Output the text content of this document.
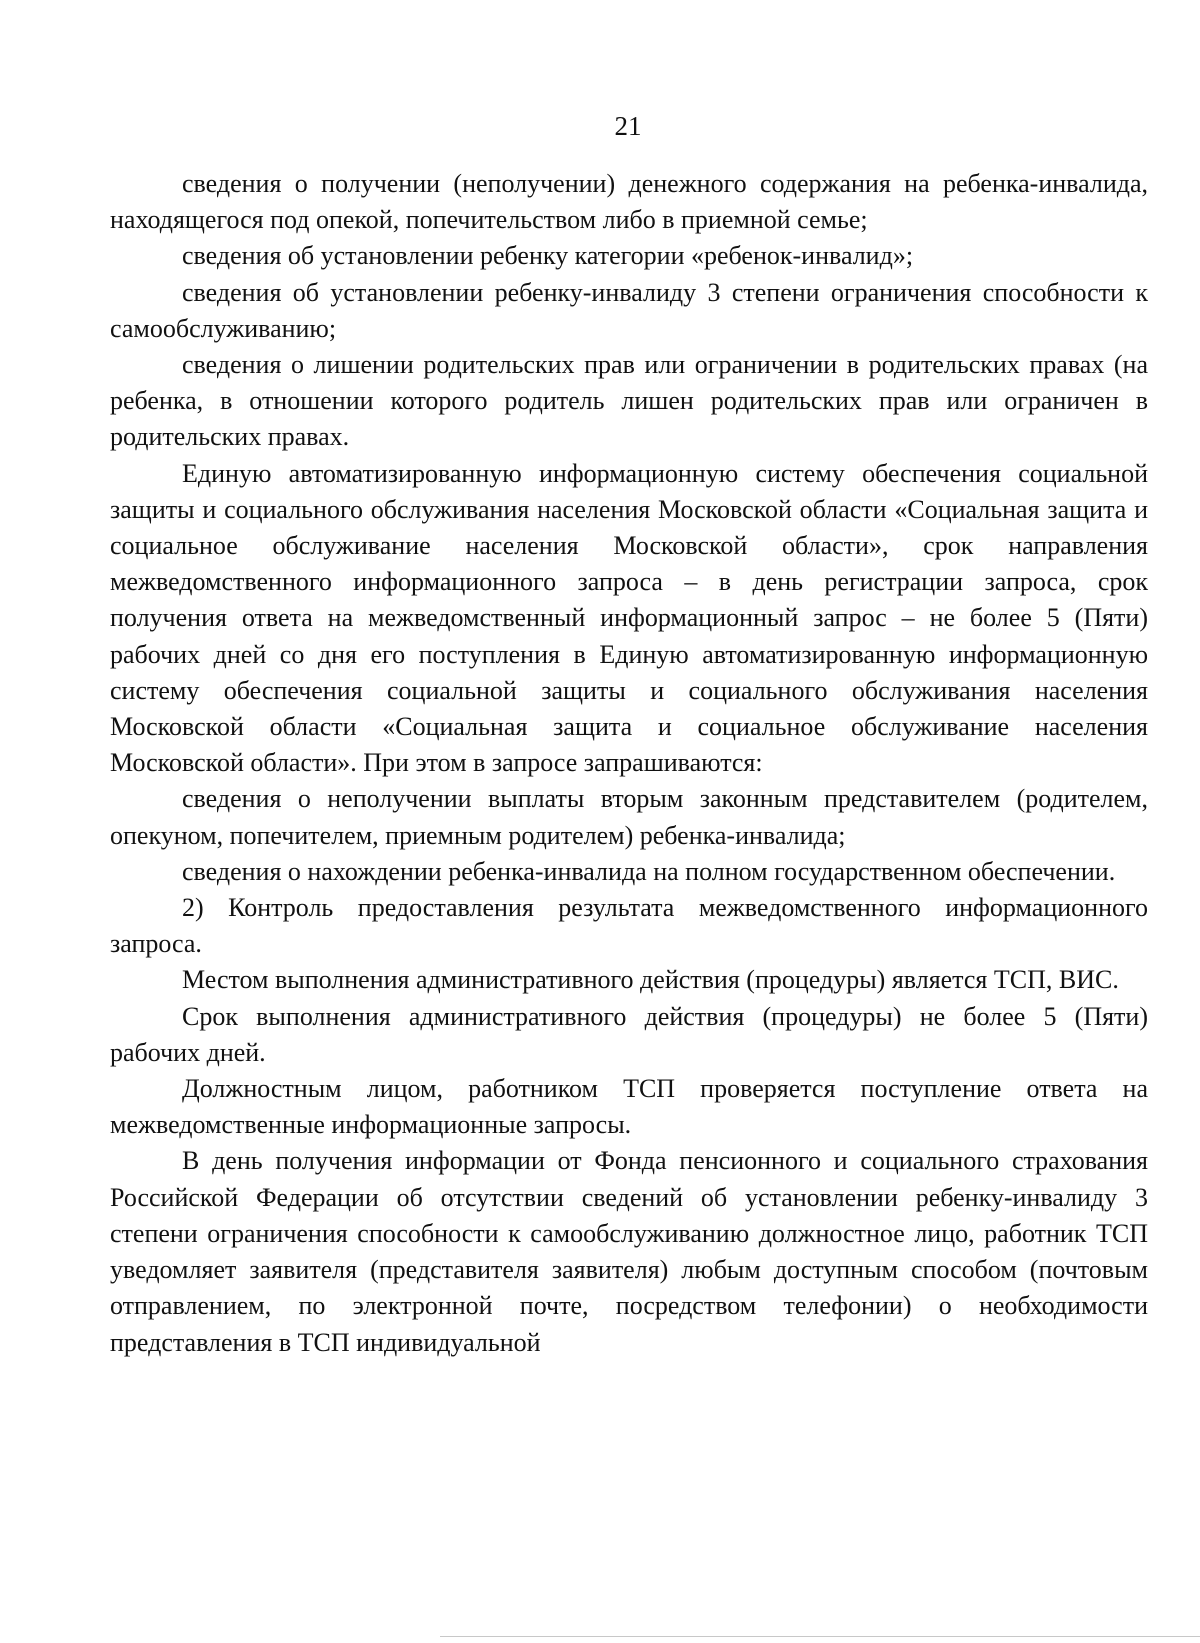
21

сведения о получении (неполучении) денежного содержания на ребенка-инвалида, находящегося под опекой, попечительством либо в приемной семье;

сведения об установлении ребенку категории «ребенок-инвалид»;

сведения об установлении ребенку-инвалиду 3 степени ограничения способности к самообслуживанию;

сведения о лишении родительских прав или ограничении в родительских правах (на ребенка, в отношении которого родитель лишен родительских прав или ограничен в родительских правах.

Единую автоматизированную информационную систему обеспечения социальной защиты и социального обслуживания населения Московской области «Социальная защита и социальное обслуживание населения Московской области», срок направления межведомственного информационного запроса – в день регистрации запроса, срок получения ответа на межведомственный информационный запрос – не более 5 (Пяти) рабочих дней со дня его поступления в Единую автоматизированную информационную систему обеспечения социальной защиты и социального обслуживания населения Московской области «Социальная защита и социальное обслуживание населения Московской области». При этом в запросе запрашиваются:

сведения о неполучении выплаты вторым законным представителем (родителем, опекуном, попечителем, приемным родителем) ребенка-инвалида;

сведения о нахождении ребенка-инвалида на полном государственном обеспечении.

2) Контроль предоставления результата межведомственного информационного запроса.

Местом выполнения административного действия (процедуры) является ТСП, ВИС.

Срок выполнения административного действия (процедуры) не более 5 (Пяти) рабочих дней.

Должностным лицом, работником ТСП проверяется поступление ответа на межведомственные информационные запросы.

В день получения информации от Фонда пенсионного и социального страхования Российской Федерации об отсутствии сведений об установлении ребенку-инвалиду 3 степени ограничения способности к самообслуживанию должностное лицо, работник ТСП уведомляет заявителя (представителя заявителя) любым доступным способом (почтовым отправлением, по электронной почте, посредством телефонии) о необходимости представления в ТСП индивидуальной
